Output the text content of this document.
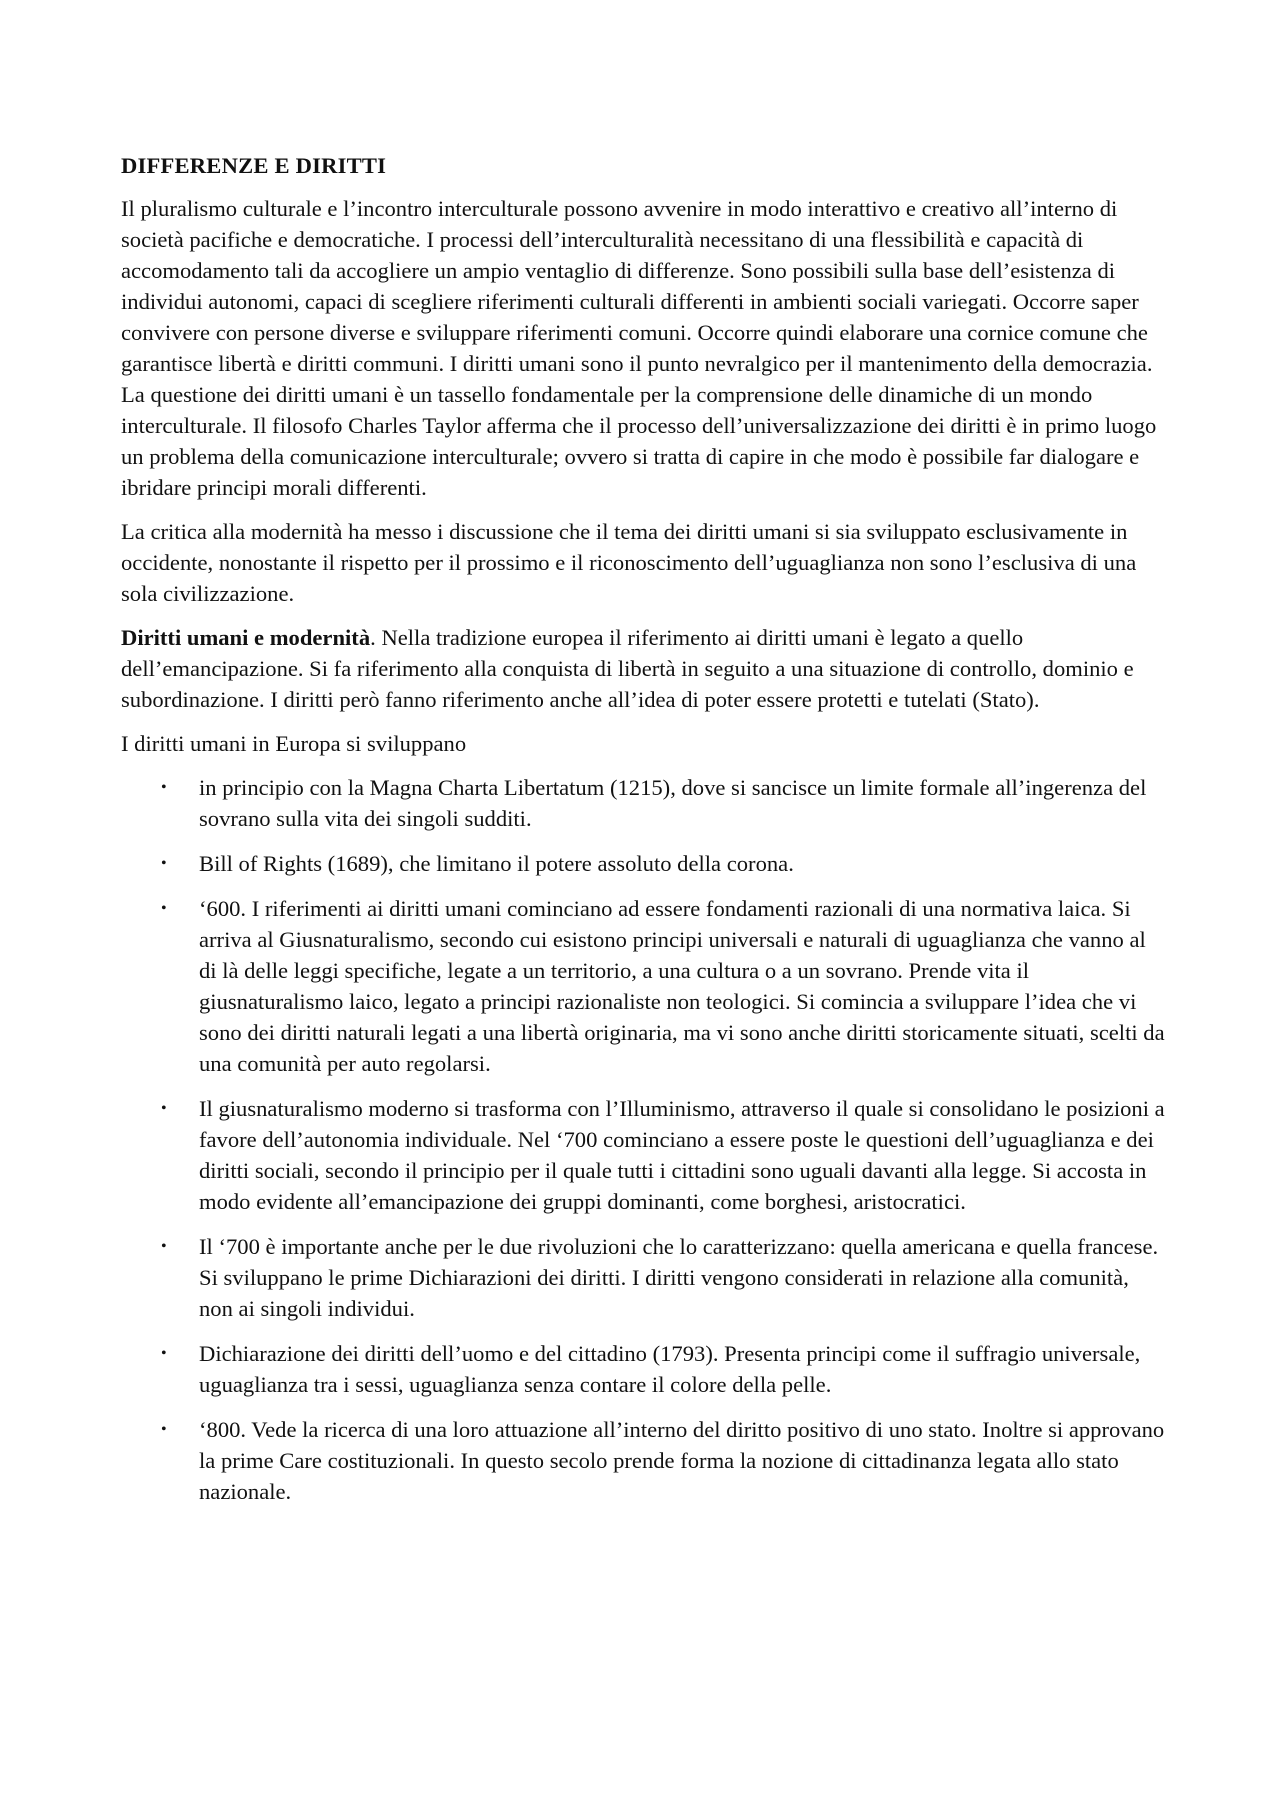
DIFFERENZE E DIRITTI

Il pluralismo culturale e l’incontro interculturale possono avvenire in modo interattivo e creativo all’interno di società pacifiche e democratiche. I processi dell’interculturalità necessitano di una flessibilità e capacità di accomodamento tali da accogliere un ampio ventaglio di differenze. Sono possibili sulla base dell’esistenza di individui autonomi, capaci di scegliere riferimenti culturali differenti in ambienti sociali variegati. Occorre saper convivere con persone diverse e sviluppare riferimenti comuni. Occorre quindi elaborare una cornice comune che garantisce libertà e diritti communi. I diritti umani sono il punto nevralgico per il mantenimento della democrazia. La questione dei diritti umani è un tassello fondamentale per la comprensione delle dinamiche di un mondo interculturale. Il filosofo Charles Taylor afferma che il processo dell’universalizzazione dei diritti è in primo luogo un problema della comunicazione interculturale; ovvero si tratta di capire in che modo è possibile far dialogare e ibridare principi morali differenti.

La critica alla modernità ha messo i discussione che il tema dei diritti umani si sia sviluppato esclusivamente in occidente, nonostante il rispetto per il prossimo e il riconoscimento dell’uguaglianza non sono l’esclusiva di una sola civilizzazione.

Diritti umani e modernità. Nella tradizione europea il riferimento ai diritti umani è legato a quello dell’emancipazione. Si fa riferimento alla conquista di libertà in seguito a una situazione di controllo, dominio e subordinazione. I diritti però fanno riferimento anche all’idea di poter essere protetti e tutelati (Stato).

I diritti umani in Europa si sviluppano

• in principio con la Magna Charta Libertatum (1215), dove si sancisce un limite formale all’ingerenza del sovrano sulla vita dei singoli sudditi.
• Bill of Rights (1689), che limitano il potere assoluto della corona.
• ‘600. I riferimenti ai diritti umani cominciano ad essere fondamenti razionali di una normativa laica. Si arriva al Giusnaturalismo, secondo cui esistono principi universali e naturali di uguaglianza che vanno al di là delle leggi specifiche, legate a un territorio, a una cultura o a un sovrano. Prende vita il giusnaturalismo laico, legato a principi razionaliste non teologici. Si comincia a sviluppare l’idea che vi sono dei diritti naturali legati a una libertà originaria, ma vi sono anche diritti storicamente situati, scelti da una comunità per auto regolarsi.
• Il giusnaturalismo moderno si trasforma con l’Illuminismo, attraverso il quale si consolidano le posizioni a favore dell’autonomia individuale. Nel ‘700 cominciano a essere poste le questioni dell’uguaglianza e dei diritti sociali, secondo il principio per il quale tutti i cittadini sono uguali davanti alla legge. Si accosta in modo evidente all’emancipazione dei gruppi dominanti, come borghesi, aristocratici.
• Il ‘700 è importante anche per le due rivoluzioni che lo caratterizzano: quella americana e quella francese. Si sviluppano le prime Dichiarazioni dei diritti. I diritti vengono considerati in relazione alla comunità, non ai singoli individui.
• Dichiarazione dei diritti dell’uomo e del cittadino (1793). Presenta principi come il suffragio universale, uguaglianza tra i sessi, uguaglianza senza contare il colore della pelle.
• ‘800. Vede la ricerca di una loro attuazione all’interno del diritto positivo di uno stato. Inoltre si approvano la prime Care costituzionali. In questo secolo prende forma la nozione di cittadinanza legata allo stato nazionale.
